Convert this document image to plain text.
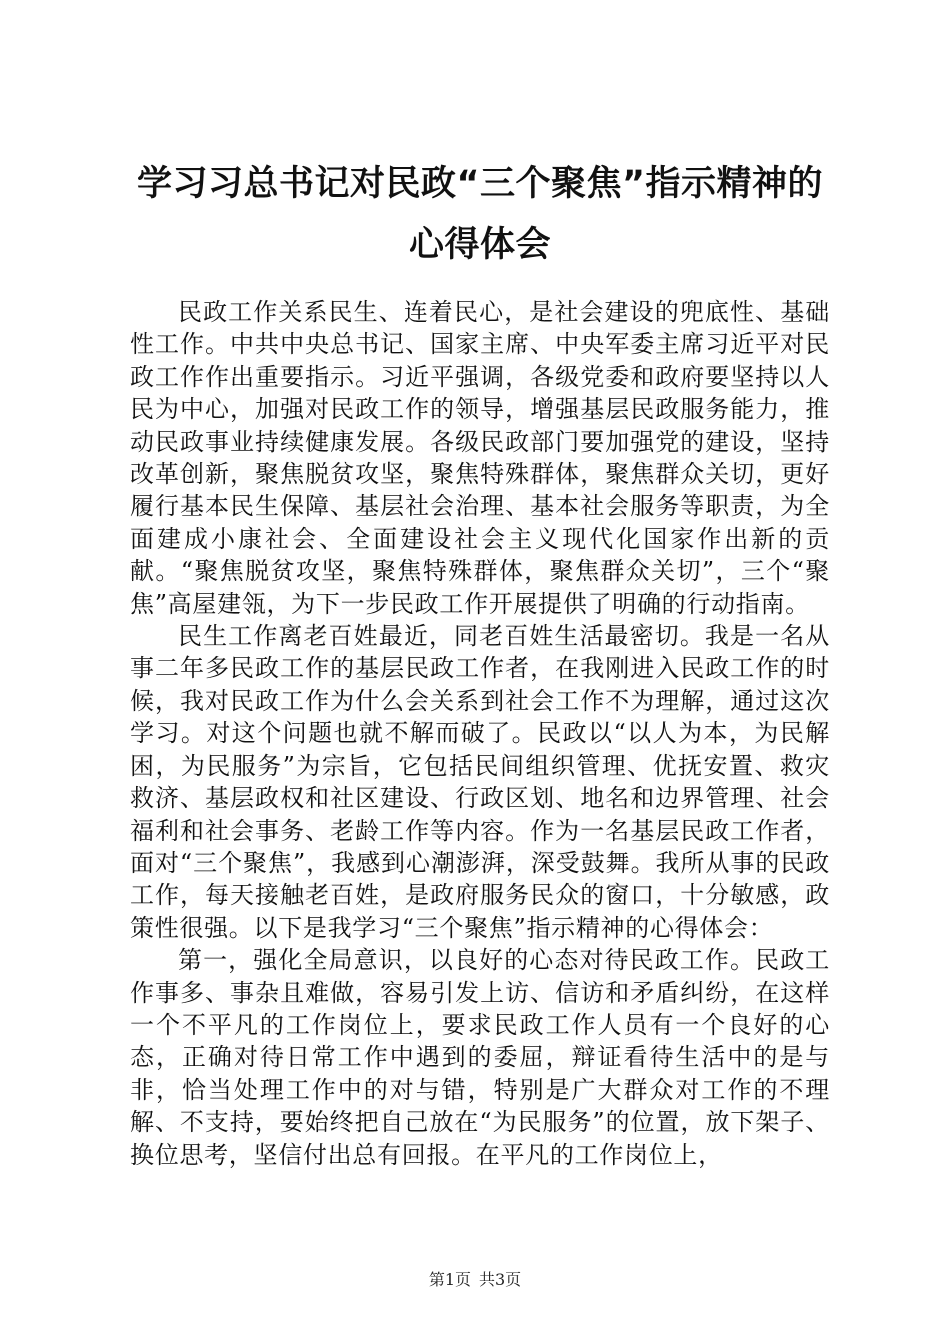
学习习总书记对民政“三个聚焦”指示精神的
心得体会

民政工作关系民生、连着民心，是社会建设的兜底性、基础性工作。中共中央总书记、国家主席、中央军委主席习近平对民政工作作出重要指示。习近平强调，各级党委和政府要坚持以人民为中心，加强对民政工作的领导，增强基层民政服务能力，推动民政事业持续健康发展。各级民政部门要加强党的建设，坚持改革创新，聚焦脱贫攻坚，聚焦特殊群体，聚焦群众关切，更好履行基本民生保障、基层社会治理、基本社会服务等职责，为全面建成小康社会、全面建设社会主义现代化国家作出新的贡献。“聚焦脱贫攻坚，聚焦特殊群体，聚焦群众关切”，三个“聚焦”高屋建瓴，为下一步民政工作开展提供了明确的行动指南。

民生工作离老百姓最近，同老百姓生活最密切。我是一名从事二年多民政工作的基层民政工作者，在我刚进入民政工作的时候，我对民政工作为什么会关系到社会工作不为理解，通过这次学习。对这个问题也就不解而破了。民政以“以人为本，为民解困，为民服务”为宗旨，它包括民间组织管理、优抚安置、救灾救济、基层政权和社区建设、行政区划、地名和边界管理、社会福利和社会事务、老龄工作等内容。作为一名基层民政工作者，面对“三个聚焦”，我感到心潮澎湃，深受鼓舞。我所从事的民政工作，每天接触老百姓，是政府服务民众的窗口，十分敏感，政策性很强。以下是我学习“三个聚焦”指示精神的心得体会：

第一，强化全局意识，以良好的心态对待民政工作。民政工作事多、事杂且难做，容易引发上访、信访和矛盾纠纷，在这样一个不平凡的工作岗位上，要求民政工作人员有一个良好的心态，正确对待日常工作中遇到的委屈，辩证看待生活中的是与非，恰当处理工作中的对与错，特别是广大群众对工作的不理解、不支持，要始终把自己放在“为民服务”的位置，放下架子、换位思考，坚信付出总有回报。在平凡的工作岗位上，

第1页 共3页
